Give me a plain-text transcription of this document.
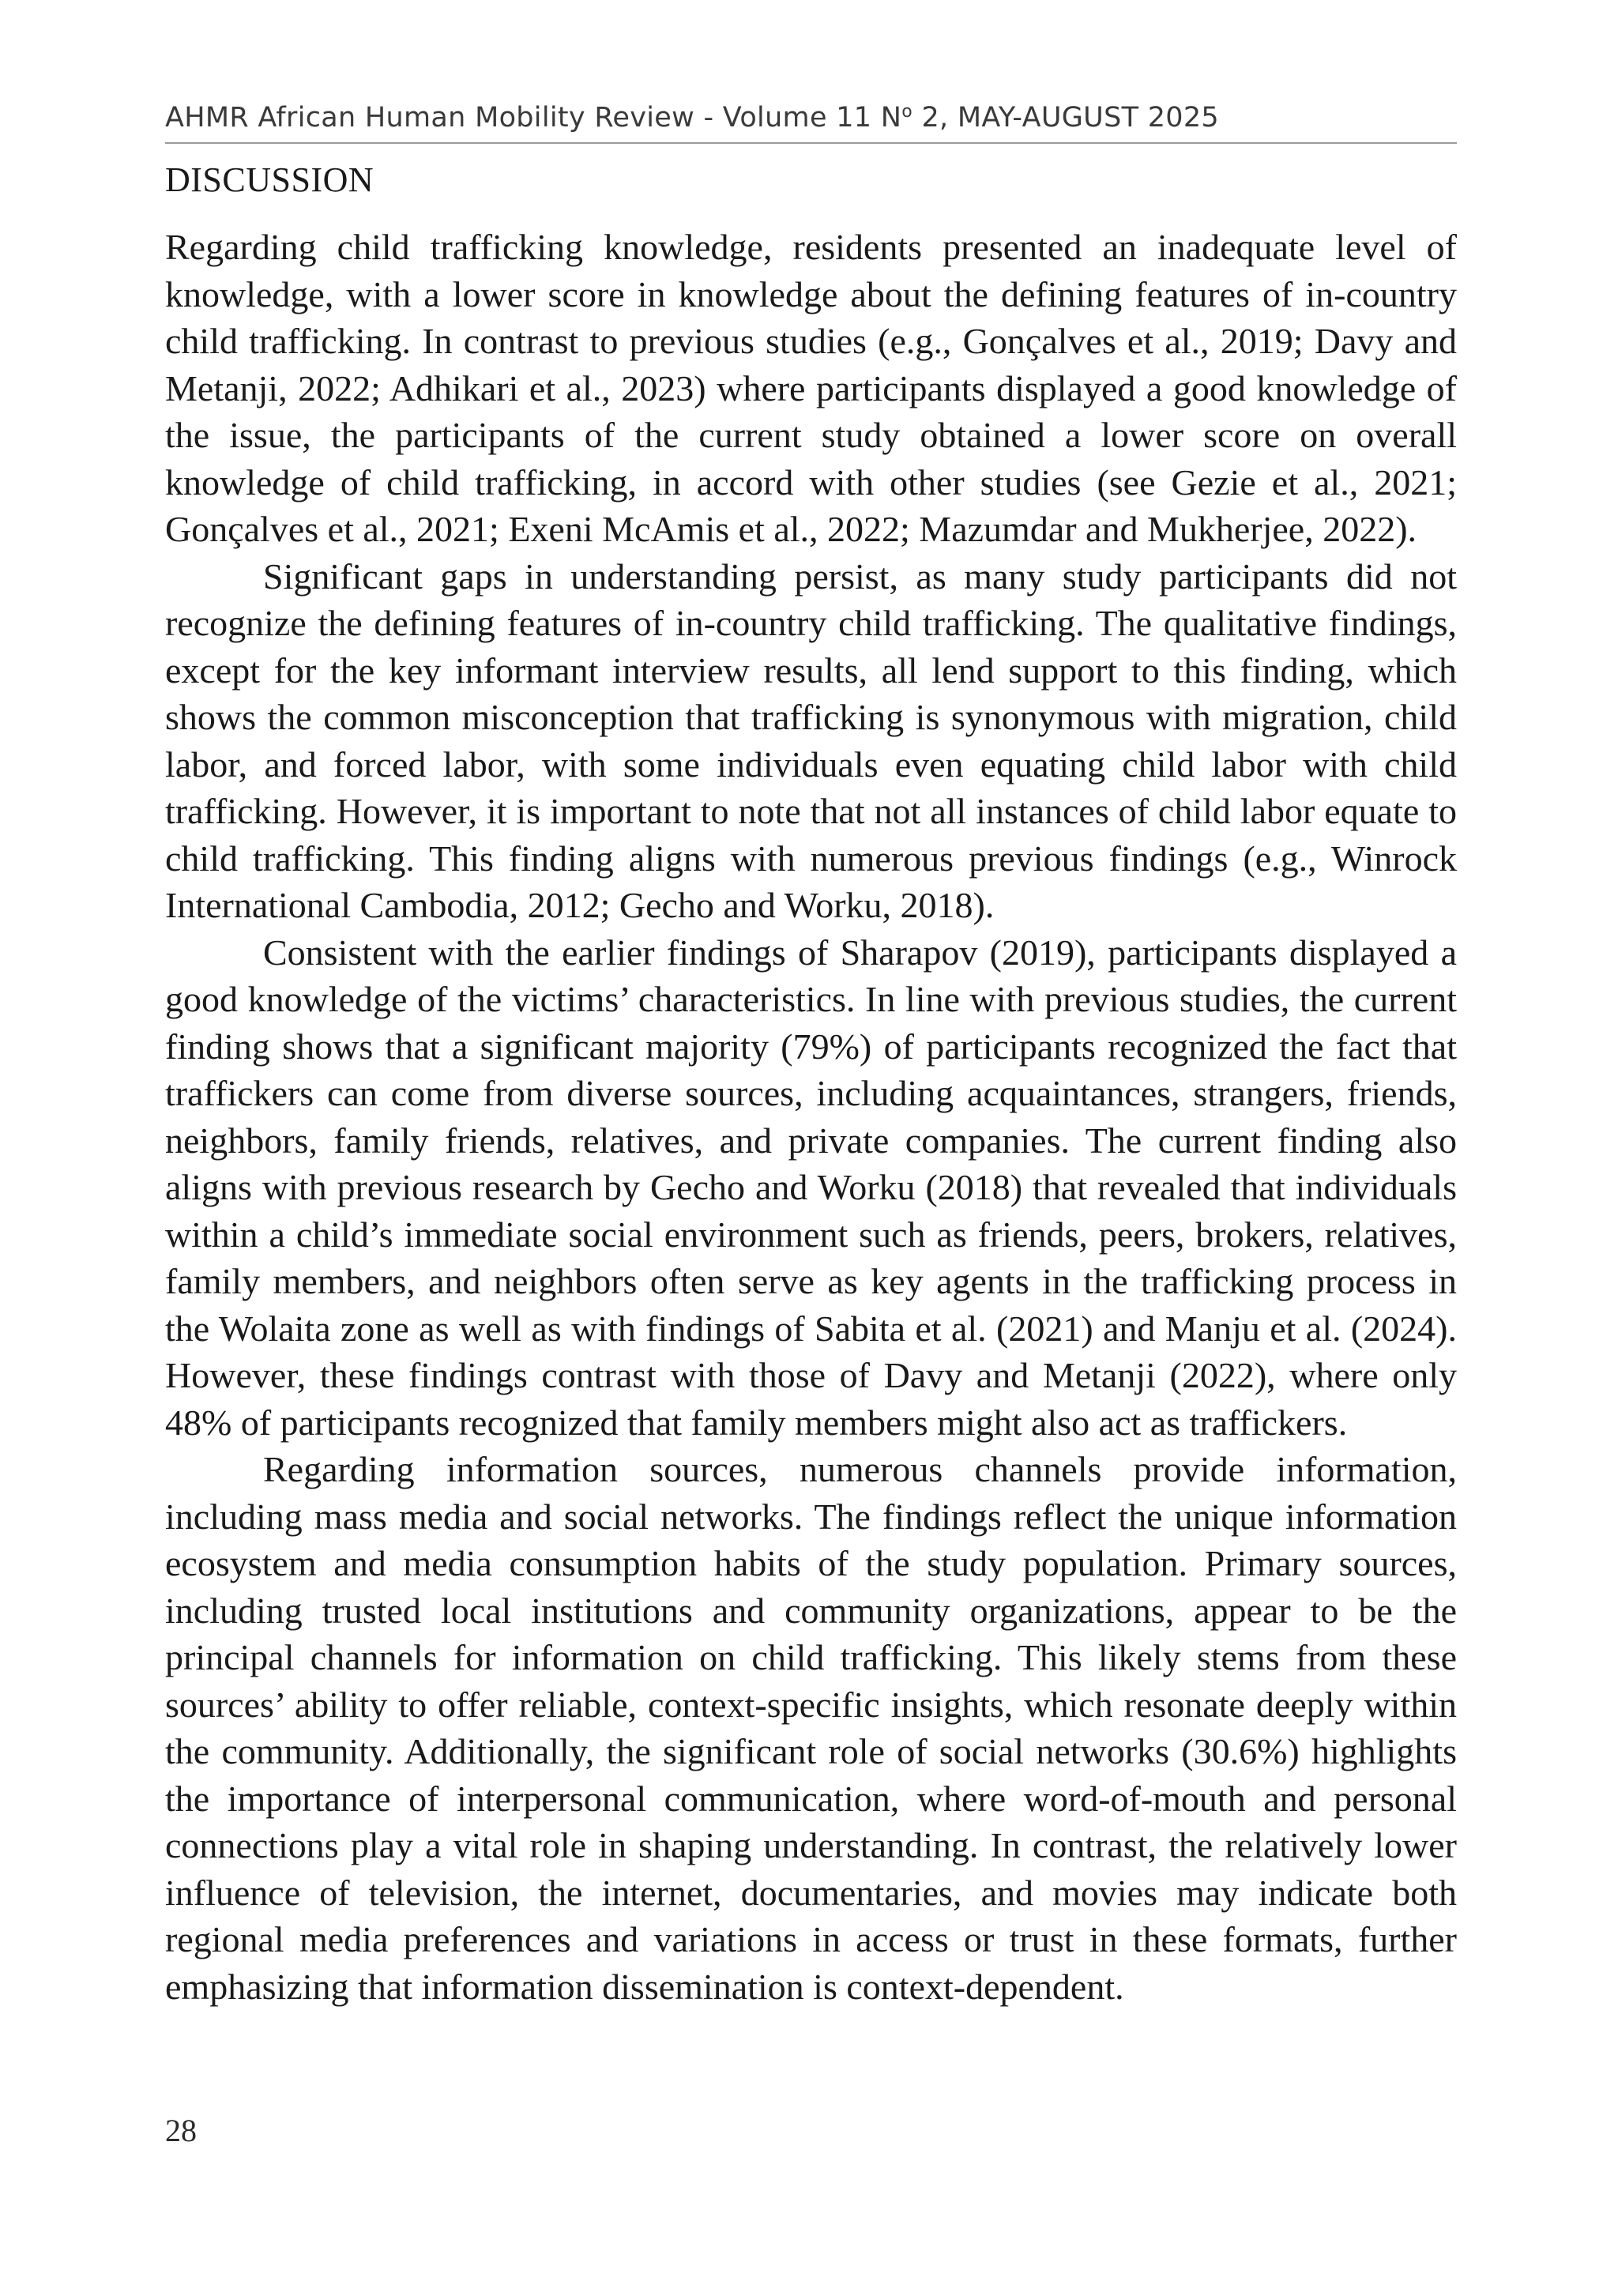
AHMR African Human Mobility Review - Volume 11 $N^o$ 2, MAY-AUGUST 2025
DISCUSSION

Regarding child trafficking knowledge, residents presented an inadequate level of knowledge, with a lower score in knowledge about the defining features of in-country child trafficking. In contrast to previous studies (e.g., Gonçalves et al., 2019; Davy and Metanji, 2022; Adhikari et al., 2023) where participants displayed a good knowledge of the issue, the participants of the current study obtained a lower score on overall knowledge of child trafficking, in accord with other studies (see Gezie et al., 2021; Gonçalves et al., 2021; Exeni McAmis et al., 2022; Mazumdar and Mukherjee, 2022).

Significant gaps in understanding persist, as many study participants did not recognize the defining features of in-country child trafficking. The qualitative findings, except for the key informant interview results, all lend support to this finding, which shows the common misconception that trafficking is synonymous with migration, child labor, and forced labor, with some individuals even equating child labor with child trafficking. However, it is important to note that not all instances of child labor equate to child trafficking. This finding aligns with numerous previous findings (e.g., Winrock International Cambodia, 2012; Gecho and Worku, 2018).

Consistent with the earlier findings of Sharapov (2019), participants displayed a good knowledge of the victims’ characteristics. In line with previous studies, the current finding shows that a significant majority (79%) of participants recognized the fact that traffickers can come from diverse sources, including acquaintances, strangers, friends, neighbors, family friends, relatives, and private companies. The current finding also aligns with previous research by Gecho and Worku (2018) that revealed that individuals within a child’s immediate social environment such as friends, peers, brokers, relatives, family members, and neighbors often serve as key agents in the trafficking process in the Wolaita zone as well as with findings of Sabita et al. (2021) and Manju et al. (2024). However, these findings contrast with those of Davy and Metanji (2022), where only 48% of participants recognized that family members might also act as traffickers.

Regarding information sources, numerous channels provide information, including mass media and social networks. The findings reflect the unique information ecosystem and media consumption habits of the study population. Primary sources, including trusted local institutions and community organizations, appear to be the principal channels for information on child trafficking. This likely stems from these sources’ ability to offer reliable, context-specific insights, which resonate deeply within the community. Additionally, the significant role of social networks (30.6%) highlights the importance of interpersonal communication, where word-of-mouth and personal connections play a vital role in shaping understanding. In contrast, the relatively lower influence of television, the internet, documentaries, and movies may indicate both regional media preferences and variations in access or trust in these formats, further emphasizing that information dissemination is context-dependent.

28
